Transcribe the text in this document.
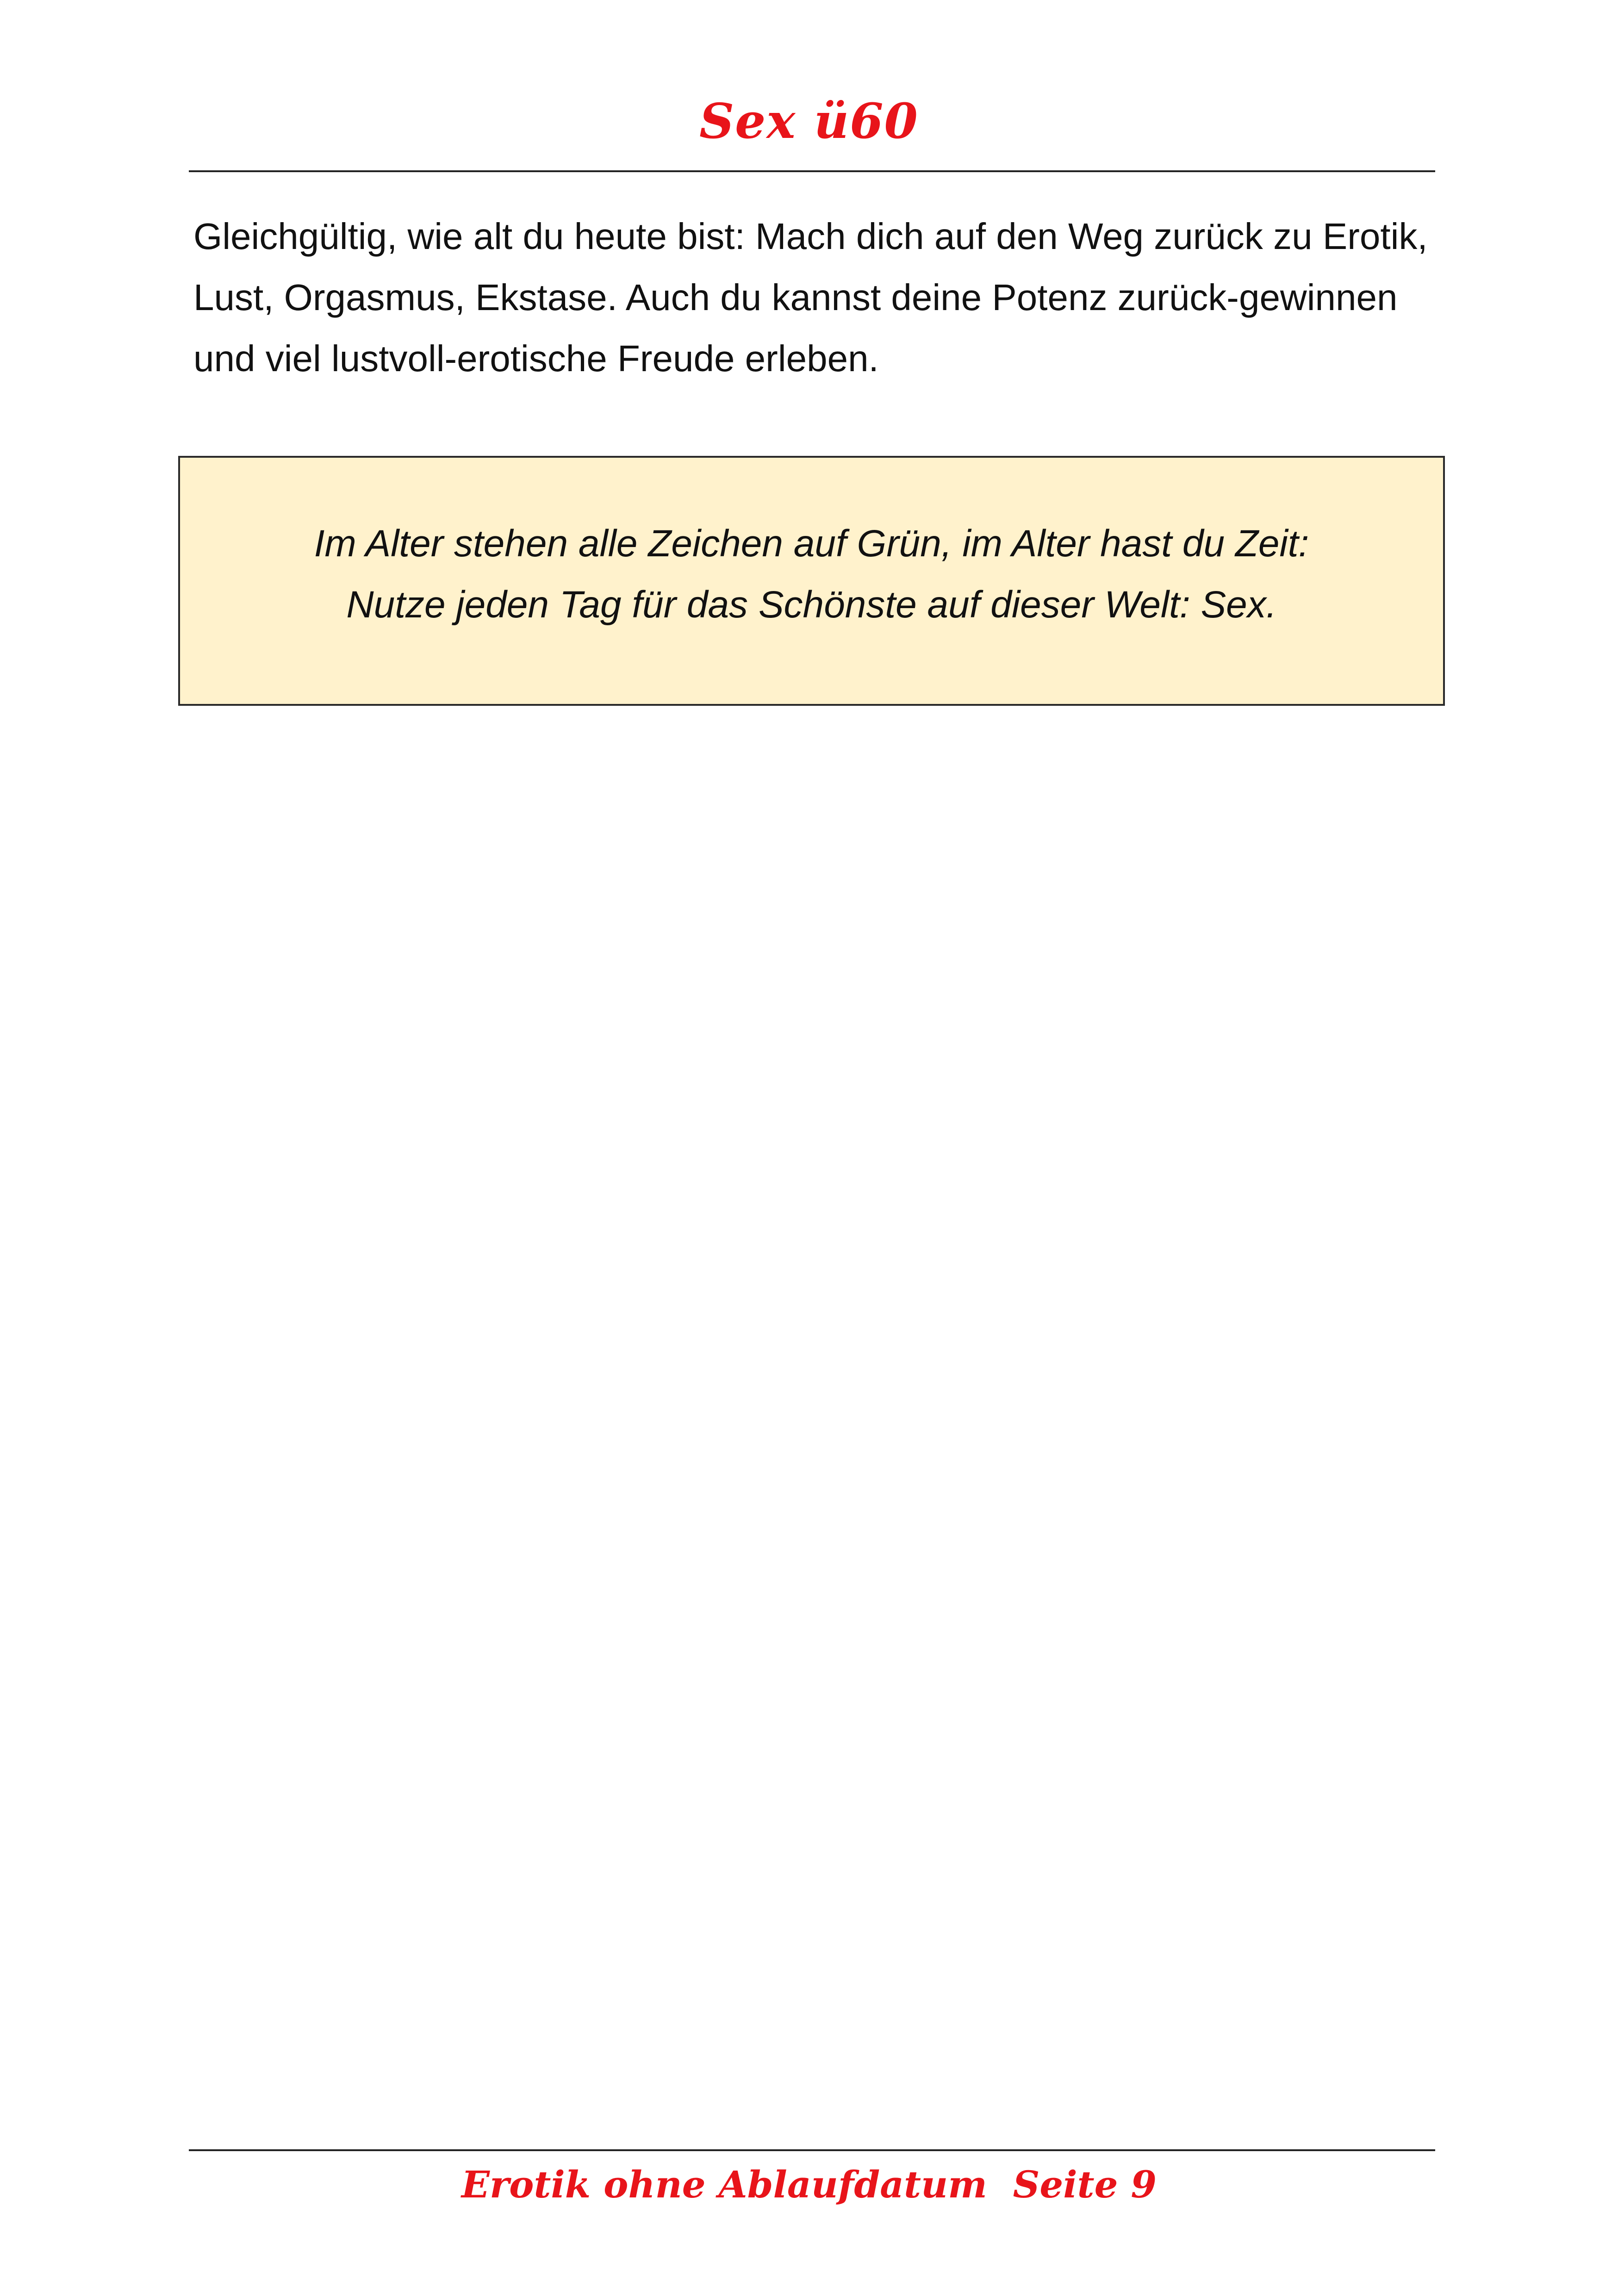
Sex ü60

Gleichgültig, wie alt du heute bist: Mach dich auf den Weg zurück zu Erotik, Lust, Orgasmus, Ekstase. Auch du kannst deine Potenz zurück-gewinnen und viel lustvoll-erotische Freude erleben.

Im Alter stehen alle Zeichen auf Grün, im Alter hast du Zeit:
Nutze jeden Tag für das Schönste auf dieser Welt: Sex.
Erotik ohne Ablaufdatum Seite 9
